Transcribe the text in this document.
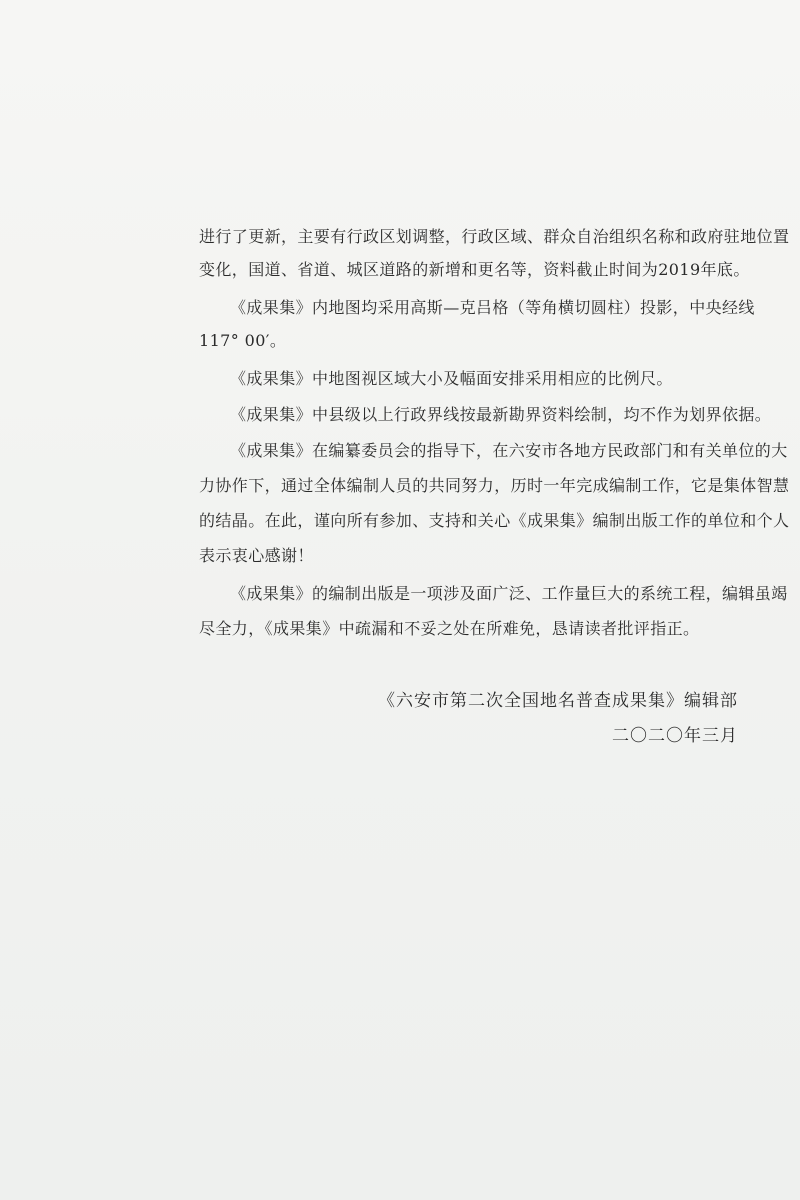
进行了更新，主要有行政区划调整，行政区域、群众自治组织名称和政府驻地位置
变化，国道、省道、城区道路的新增和更名等，资料截止时间为2019年底。
《成果集》内地图均采用高斯—克吕格（等角横切圆柱）投影，中央经线
117° 00′。
《成果集》中地图视区域大小及幅面安排采用相应的比例尺。
《成果集》中县级以上行政界线按最新勘界资料绘制，均不作为划界依据。
《成果集》在编纂委员会的指导下，在六安市各地方民政部门和有关单位的大
力协作下，通过全体编制人员的共同努力，历时一年完成编制工作，它是集体智慧
的结晶。在此，谨向所有参加、支持和关心《成果集》编制出版工作的单位和个人
表示衷心感谢！
《成果集》的编制出版是一项涉及面广泛、工作量巨大的系统工程，编辑虽竭
尽全力，《成果集》中疏漏和不妥之处在所难免，恳请读者批评指正。
《六安市第二次全国地名普查成果集》编辑部
二〇二〇年三月
